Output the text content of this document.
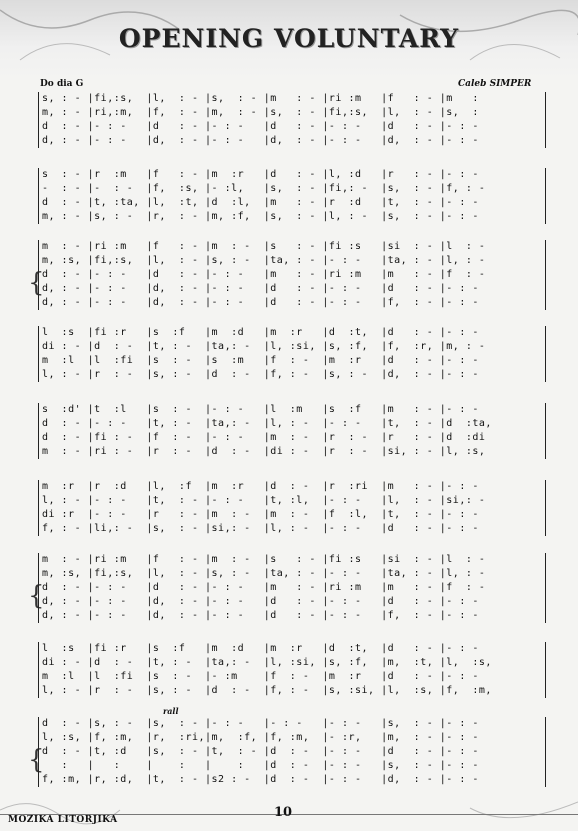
OPENING VOLUNTARY
Do dia G	Caleb SIMPER
rall
s, : - |fi,:s,  |l,  : - |s,  : - |m   : - |ri :m   |f   : - |m   :
m, : - |ri,:m,  |f,  : - |m,  : - |s,  : - |fi,:s,  |l,  : - |s,  :
d  : - |- : -   |d   : - |- : -   |d   : - |- : -   |d   : - |- : -
d, : - |- : -   |d,  : - |- : -   |d,  : - |- : -   |d,  : - |- : -
s  : - |r  :m   |f   : - |m  :r   |d   : - |l, :d   |r   : - |- : -
-  : - |-  : -  |f,  :s, |- :l,   |s,  : - |fi,: -  |s,  : - |f, : -
d  : - |t, :ta, |l,  :t, |d  :l,  |m   : - |r  :d   |t,  : - |- : -
m, : - |s, : -  |r,  : - |m, :f,  |s,  : - |l, : -  |s,  : - |- : -
{
m  : - |ri :m   |f   : - |m  : -  |s   : - |fi :s   |si  : - |l  : -
m, :s, |fi,:s,  |l,  : - |s, : -  |ta, : - |- : -   |ta, : - |l, : -
d  : - |- : -   |d   : - |- : -   |m   : - |ri :m   |m   : - |f  : -
d, : - |- : -   |d,  : - |- : -   |d   : - |- : -   |d   : - |- : -
d, : - |- : -   |d,  : - |- : -   |d   : - |- : -   |f,  : - |- : -
l  :s  |fi :r   |s  :f   |m  :d   |m  :r   |d  :t,  |d   : - |- : -
di : - |d  : -  |t, : -  |ta,: -  |l, :si, |s, :f,  |f,  :r, |m, : -
m  :l  |l  :fi  |s  : -  |s  :m   |f  : -  |m  :r   |d   : - |- : -
l, : - |r  : -  |s, : -  |d  : -  |f, : -  |s, : -  |d,  : - |- : -
s  :d' |t  :l   |s  : -  |- : -   |l  :m   |s  :f   |m   : - |- : -
d  : - |- : -   |t, : -  |ta,: -  |l, : -  |- : -   |t,  : - |d  :ta,
d  : - |fi : -  |f  : -  |- : -   |m  : -  |r  : -  |r   : - |d  :di
m  : - |ri : -  |r  : -  |d  : -  |di : -  |r  : -  |si, : - |l, :s,
m  :r  |r  :d   |l,  :f  |m  :r   |d  : -  |r  :ri  |m   : - |- : -
l, : - |- : -   |t,  : - |- : -   |t, :l,  |- : -   |l,  : - |si,: -
di :r  |- : -   |r   : - |m  : -  |m  : -  |f  :l,  |t,  : - |- : -
f, : - |li,: -  |s,  : - |si,: -  |l, : -  |- : -   |d   : - |- : -
{
m  : - |ri :m   |f   : - |m  : -  |s   : - |fi :s   |si  : - |l  : -
m, :s, |fi,:s,  |l,  : - |s, : -  |ta, : - |- : -   |ta, : - |l, : -
d  : - |- : -   |d   : - |- : -   |m   : - |ri :m   |m   : - |f  : -
d, : - |- : -   |d,  : - |- : -   |d   : - |- : -   |d   : - |- : -
d, : - |- : -   |d,  : - |- : -   |d   : - |- : -   |f,  : - |- : -
l  :s  |fi :r   |s  :f   |m  :d   |m  :r   |d  :t,  |d   : - |- : -
di : - |d  : -  |t, : -  |ta,: -  |l, :si, |s, :f,  |m,  :t, |l,  :s,
m  :l  |l  :fi  |s  : -  |- :m    |f  : -  |m  :r   |d   : - |- : -
l, : - |r  : -  |s, : -  |d  : -  |f, : -  |s, :si, |l,  :s, |f,  :m,
{
d  : - |s, : -  |s,  : - |- : -   |- : -   |- : -   |s,  : - |- : -
l, :s, |f, :m,  |r,  :ri,|m,  :f, |f, :m,  |- :r,   |m,  : - |- : -
d  : - |t, :d   |s,  : - |t,  : - |d  : -  |- : -   |d   : - |- : -
:   |   :    |    :   |    :   |d  : -  |- : -   |s,  : - |- : -
f, :m, |r, :d,  |t,  : - |s2 : -  |d  : -  |- : -   |d,  : - |- : -
MOZIKA LITORJIKA	10
